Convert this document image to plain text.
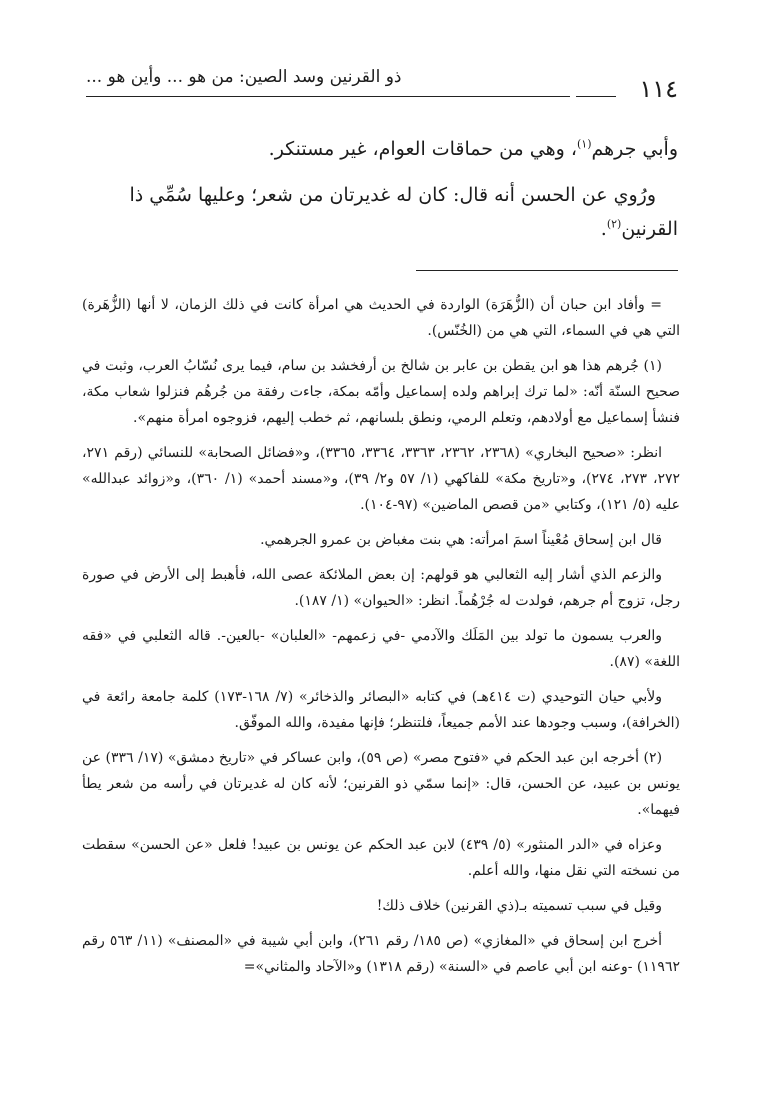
١١٤
ذو القرنين وسد الصين: من هو ... وأين هو ...

وأبي جرهم$^{(١)}$، وهي من حماقات العوام، غير مستنكر.

ورُوي عن الحسن أنه قال: كان له غديرتان من شعر؛ وعليها سُمِّي ذا

القرنين$^{(٢)}$.

= وأفاد ابن حبان أن (الزُّهَرَة) الواردة في الحديث هي امرأة كانت في ذلك الزمان، لا أنها (الزُّهَرة) التي هي في السماء، التي هي من (الخُنّس).

(١) جُرهم هذا هو ابن يقطن بن عابر بن شالخ بن أرفخشد بن سام، فيما يرى نُسّابُ العرب، وثبت في صحيح السنّة أنّه: «لما ترك إبراهم ولده إسماعيل وأمّه بمكة، جاءت رفقة من جُرهُم فنزلوا شعاب مكة، فنشأ إسماعيل مع أولادهم، وتعلم الرمي، ونطق بلسانهم، ثم خطب إليهم، فزوجوه امرأة منهم».

انظر: «صحيح البخاري» (٢٣٦٨، ٢٣٦٢، ٣٣٦٣، ٣٣٦٤، ٣٣٦٥)، و«فضائل الصحابة» للنسائي (رقم ٢٧١، ٢٧٢، ٢٧٣، ٢٧٤)، و«تاريخ مكة» للفاكهي (١/ ٥٧ و٢/ ٣٩)، و«مسند أحمد» (١/ ٣٦٠)، و«زوائد عبدالله» عليه (٥/ ١٢١)، وكتابي «من قصص الماضين» (٩٧-١٠٤).

قال ابن إسحاق مُعْيناً اسمَ امرأته: هي بنت مغباض بن عمرو الجرهمي.

والزعم الذي أشار إليه الثعالبي هو قولهم: إن بعض الملائكة عصى الله، فأهبط إلى الأرض في صورة رجل، تزوج أم جرهم، فولدت له جُرْهُماً. انظر: «الحيوان» (١/ ١٨٧).

والعرب يسمون ما تولد بين المَلَك والآدمي -في زعمهم- «العلبان» -بالعين-. قاله الثعلبي في «فقه اللغة» (٨٧).

ولأبي حيان التوحيدي (ت ٤١٤هـ) في كتابه «البصائر والذخائر» (٧/ ١٦٨-١٧٣) كلمة جامعة رائعة في (الخرافة)، وسبب وجودها عند الأمم جميعاً، فلتنظر؛ فإنها مفيدة، والله الموفّق.

(٢) أخرجه ابن عبد الحكم في «فتوح مصر» (ص ٥٩)، وابن عساكر في «تاريخ دمشق» (١٧/ ٣٣٦) عن يونس بن عبيد، عن الحسن، قال: «إنما سمّي ذو القرنين؛ لأنه كان له غديرتان في رأسه من شعر يطأ فيهما».

وعزاه في «الدر المنثور» (٥/ ٤٣٩) لابن عبد الحكم عن يونس بن عبيد! فلعل «عن الحسن» سقطت من نسخته التي نقل منها، والله أعلم.

وقيل في سبب تسميته بـ(ذي القرنين) خلاف ذلك!

أخرج ابن إسحاق في «المغازي» (ص ١٨٥/ رقم ٢٦١)، وابن أبي شيبة في «المصنف» (١١/ ٥٦٣ رقم ١١٩٦٢) -وعنه ابن أبي عاصم في «السنة» (رقم ١٣١٨) و«الآحاد والمثاني»=
